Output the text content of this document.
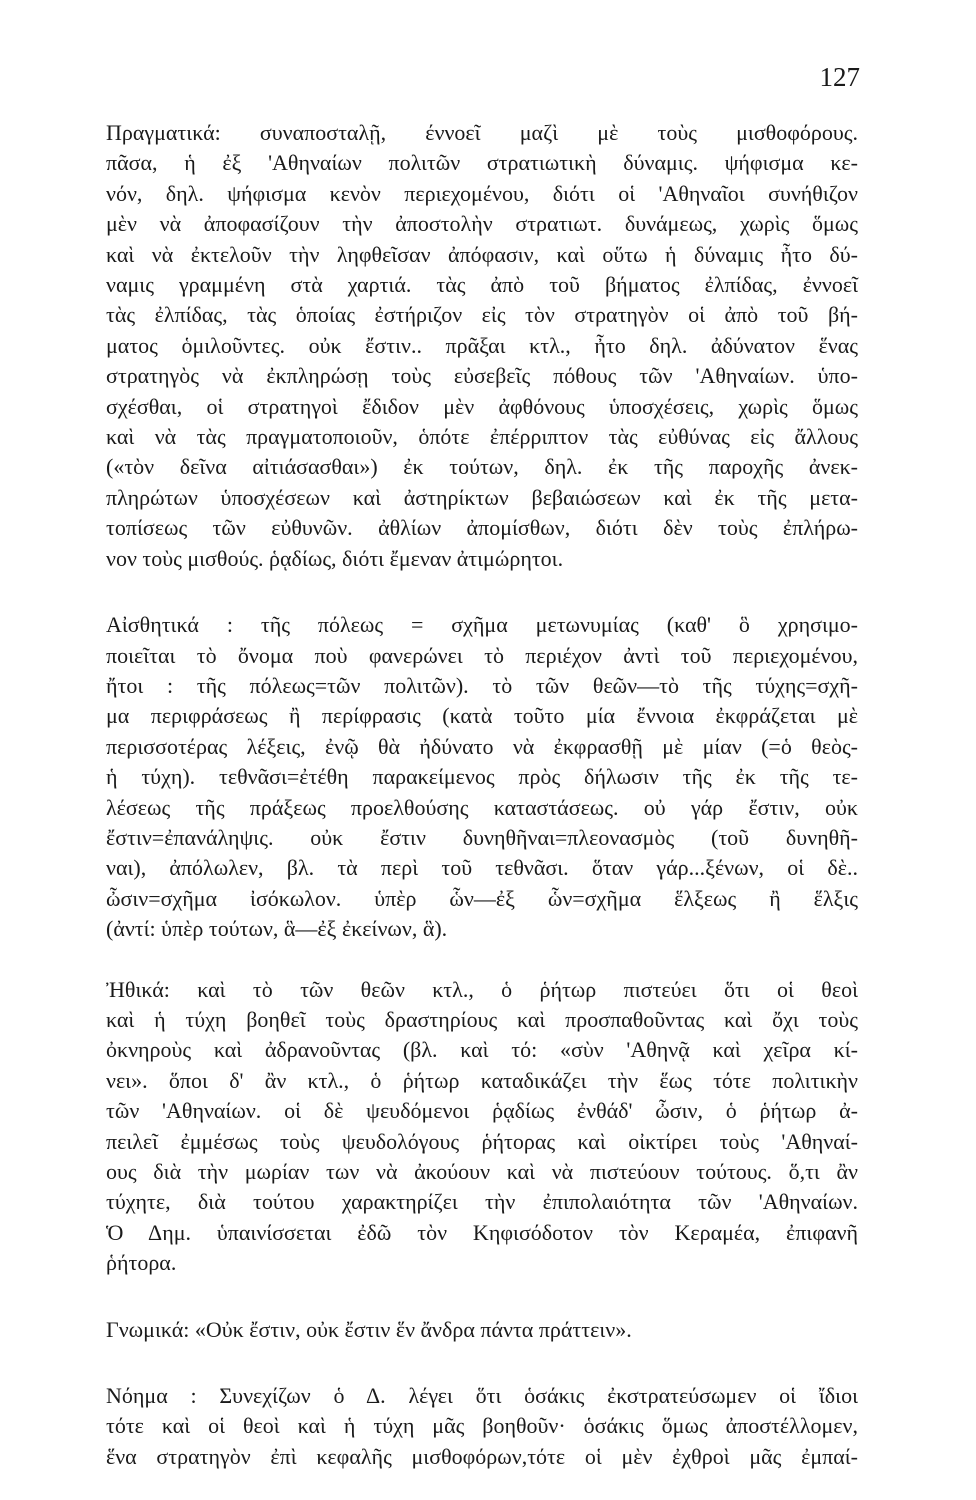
127
Πραγματικά: συναποσταλῇ, έννοεῖ μαζὶ μὲ τοὺς μισθοφόρους.
πᾶσα, ἡ ἐξ 'Αθηναίων πολιτῶν στρατιωτικὴ δύναμις. ψήφισμα κε-
νόν, δηλ. ψήφισμα κενὸν περιεχομένου, διότι οἱ 'Αθηναῖοι συνήθιζον
μὲν νὰ ἀποφασίζουν τὴν ἀποστολὴν στρατιωτ. δυνάμεως, χωρὶς ὅμως
καὶ νὰ ἐκτελοῦν τὴν ληφθεῖσαν ἀπόφασιν, καὶ οὕτω ἡ δύναμις ἦτο δύ-
ναμις γραμμένη στὰ χαρτιά. τὰς ἀπὸ τοῦ βήματος ἐλπίδας, ἐννοεῖ
τὰς ἐλπίδας, τὰς ὁποίας ἐστήριζον εἰς τὸν στρατηγὸν οἱ ἀπὸ τοῦ βή-
ματος ὁμιλοῦντες. οὐκ ἔστιν.. πρᾶξαι κτλ., ἦτο δηλ. ἀδύνατον ἕνας
στρατηγὸς νὰ ἐκπληρώσῃ τοὺς εὐσεβεῖς πόθους τῶν 'Αθηναίων. ὑπο-
σχέσθαι, οἱ στρατηγοὶ ἔδιδον μὲν ἀφθόνους ὑποσχέσεις, χωρὶς ὅμως
καὶ νὰ τὰς πραγματοποιοῦν, ὁπότε ἐπέρριπτον τὰς εὐθύνας εἰς ἄλλους
(«τὸν δεῖνα αἰτιάσασθαι») ἐκ τούτων, δηλ. ἐκ τῆς παροχῆς ἀνεκ-
πληρώτων ὑποσχέσεων καὶ ἀστηρίκτων βεβαιώσεων καὶ ἐκ τῆς μετα-
τοπίσεως τῶν εὐθυνῶν. ἀθλίων ἀπομίσθων, διότι δὲν τοὺς ἐπλήρω-
νον τοὺς μισθούς. ῥᾳδίως, διότι ἔμεναν ἀτιμώρητοι.
Αἰσθητικά : τῆς πόλεως = σχῆμα μετωνυμίας (καθ' ὃ χρησιμο-
ποιεῖται τὸ ὄνομα ποὺ φανερώνει τὸ περιέχον ἀντὶ τοῦ περιεχομένου,
ἤτοι : τῆς πόλεως=τῶν πολιτῶν). τὸ τῶν θεῶν—τὸ τῆς τύχης=σχῆ-
μα περιφράσεως ἢ περίφρασις (κατὰ τοῦτο μία ἔννοια ἐκφράζεται μὲ
περισσοτέρας λέξεις, ἐνῷ θὰ ἠδύνατο νὰ ἐκφρασθῇ μὲ μίαν (=ὁ θεὸς-
ἡ τύχη). τεθνᾶσι=ἐτέθη παρακείμενος πρὸς δήλωσιν τῆς ἐκ τῆς τε-
λέσεως τῆς πράξεως προελθούσης καταστάσεως. οὐ γάρ ἔστιν, οὐκ
ἔστιν=ἐπανάληψις. οὐκ ἔστιν δυνηθῆναι=πλεονασμὸς (τοῦ δυνηθῆ-
ναι), ἀπόλωλεν, βλ. τὰ περὶ τοῦ τεθνᾶσι. ὅταν γάρ...ξένων, οἱ δὲ..
ὦσιν=σχῆμα ἰσόκωλον. ὑπὲρ ὧν—ἐξ ὧν=σχῆμα ἕλξεως ἢ ἕλξις
(ἀντί: ὑπὲρ τούτων, ἃ—ἐξ ἐκείνων, ἃ).
Ἠθικά: καὶ τὸ τῶν θεῶν κτλ., ὁ ῥήτωρ πιστεύει ὅτι οἱ θεοὶ
καὶ ἡ τύχη βοηθεῖ τοὺς δραστηρίους καὶ προσπαθοῦντας καὶ ὄχι τοὺς
ὀκνηροὺς καὶ ἀδρανοῦντας (βλ. καὶ τό: «σὺν 'Αθηνᾷ καὶ χεῖρα κί-
νει». ὅποι δ' ἂν κτλ., ὁ ῥήτωρ καταδικάζει τὴν ἕως τότε πολιτικὴν
τῶν 'Αθηναίων. οἱ δὲ ψευδόμενοι ῥᾳδίως ἐνθάδ' ὦσιν, ὁ ῥήτωρ ἀ-
πειλεῖ ἐμμέσως τοὺς ψευδολόγους ῥήτορας καὶ οἰκτίρει τοὺς 'Αθηναί-
ους διὰ τὴν μωρίαν των νὰ ἀκούουν καὶ νὰ πιστεύουν τούτους. ὅ,τι ἂν
τύχητε, διὰ τούτου χαρακτηρίζει τὴν ἐπιπολαιότητα τῶν 'Αθηναίων.
Ὁ Δημ. ὑπαινίσσεται ἐδῶ τὸν Κηφισόδοτον τὸν Κεραμέα, ἐπιφανῆ
ῥήτορα.
Γνωμικά: «Οὐκ ἔστιν, οὐκ ἔστιν ἕν ἄνδρα πάντα πράττειν».
Νόημα : Συνεχίζων ὁ Δ. λέγει ὅτι ὁσάκις ἐκστρατεύσωμεν οἱ ἴδιοι
τότε καὶ οἱ θεοὶ καὶ ἡ τύχη μᾶς βοηθοῦν· ὁσάκις ὅμως ἀποστέλλομεν,
ἕνα στρατηγὸν ἐπὶ κεφαλῆς μισθοφόρων,τότε οἱ μὲν ἐχθροὶ μᾶς ἐμπαί-
